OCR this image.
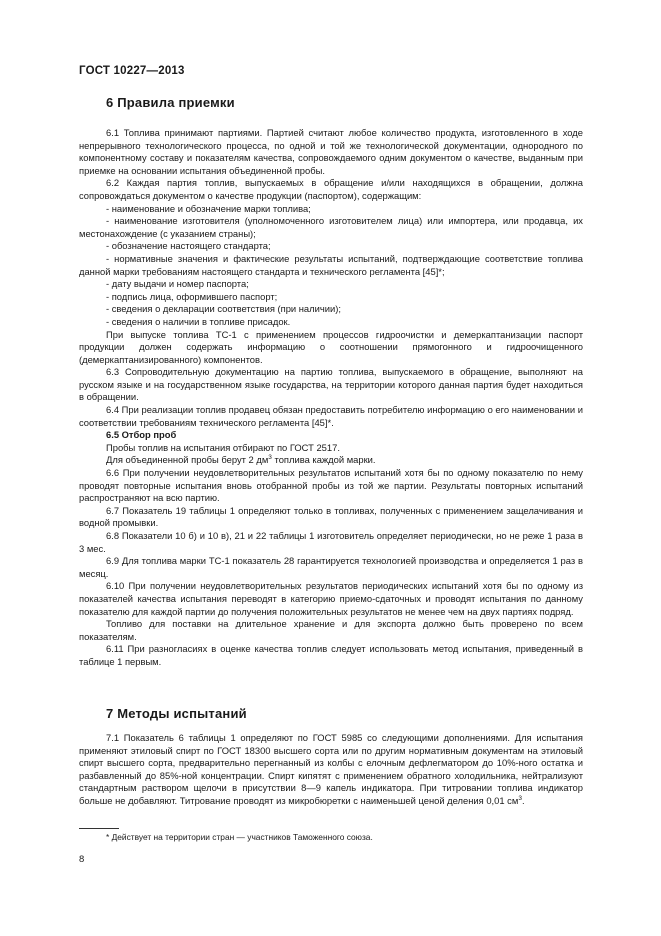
ГОСТ 10227—2013
6 Правила приемки

6.1 Топлива принимают партиями. Партией считают любое количество продукта, изготовленного в ходе непрерывного технологического процесса, по одной и той же технологической документации, однородного по компонентному составу и показателям качества, сопровождаемого одним документом о качестве, выданным при приемке на основании испытания объединенной пробы.

6.2 Каждая партия топлив, выпускаемых в обращение и/или находящихся в обращении, должна сопровождаться документом о качестве продукции (паспортом), содержащим:

- наименование и обозначение марки топлива;

- наименование изготовителя (уполномоченного изготовителем лица) или импортера, или продавца, их местонахождение (с указанием страны);

- обозначение настоящего стандарта;

- нормативные значения и фактические результаты испытаний, подтверждающие соответствие топлива данной марки требованиям настоящего стандарта и технического регламента [45]*;

- дату выдачи и номер паспорта;

- подпись лица, оформившего паспорт;

- сведения о декларации соответствия (при наличии);

- сведения о наличии в топливе присадок.

При выпуске топлива ТС-1 с применением процессов гидроочистки и демеркаптанизации паспорт продукции должен содержать информацию о соотношении прямогонного и гидроочищенного (демеркаптанизированного) компонентов.

6.3 Сопроводительную документацию на партию топлива, выпускаемого в обращение, выполняют на русском языке и на государственном языке государства, на территории которого данная партия будет находиться в обращении.

6.4 При реализации топлив продавец обязан предоставить потребителю информацию о его наименовании и соответствии требованиям технического регламента [45]*.

6.5 Отбор проб

Пробы топлив на испытания отбирают по ГОСТ 2517.

Для объединенной пробы берут 2 $дм^3$ топлива каждой марки.

6.6 При получении неудовлетворительных результатов испытаний хотя бы по одному показателю по нему проводят повторные испытания вновь отобранной пробы из той же партии. Результаты повторных испытаний распространяют на всю партию.

6.7 Показатель 19 таблицы 1 определяют только в топливах, полученных с применением защелачивания и водной промывки.

6.8 Показатели 10 б) и 10 в), 21 и 22 таблицы 1 изготовитель определяет периодически, но не реже 1 раза в 3 мес.

6.9 Для топлива марки ТС-1 показатель 28 гарантируется технологией производства и определяется 1 раз в месяц.

6.10 При получении неудовлетворительных результатов периодических испытаний хотя бы по одному из показателей качества испытания переводят в категорию приемо-сдаточных и проводят испытания по данному показателю для каждой партии до получения положительных результатов не менее чем на двух партиях подряд.

Топливо для поставки на длительное хранение и для экспорта должно быть проверено по всем показателям.

6.11 При разногласиях в оценке качества топлив следует использовать метод испытания, приведенный в таблице 1 первым.

7 Методы испытаний

7.1 Показатель 6 таблицы 1 определяют по ГОСТ 5985 со следующими дополнениями. Для испытания применяют этиловый спирт по ГОСТ 18300 высшего сорта или по другим нормативным документам на этиловый спирт высшего сорта, предварительно перегнанный из колбы с елочным дефлегматором до 10%-ного остатка и разбавленный до 85%-ной концентрации. Спирт кипятят с применением обратного холодильника, нейтрализуют стандартным раствором щелочи в присутствии 8—9 капель индикатора. При титровании топлива индикатор больше не добавляют. Титрование проводят из микробюретки с наименьшей ценой деления 0,01 $см^3$.

* Действует на территории стран — участников Таможенного союза.
8
